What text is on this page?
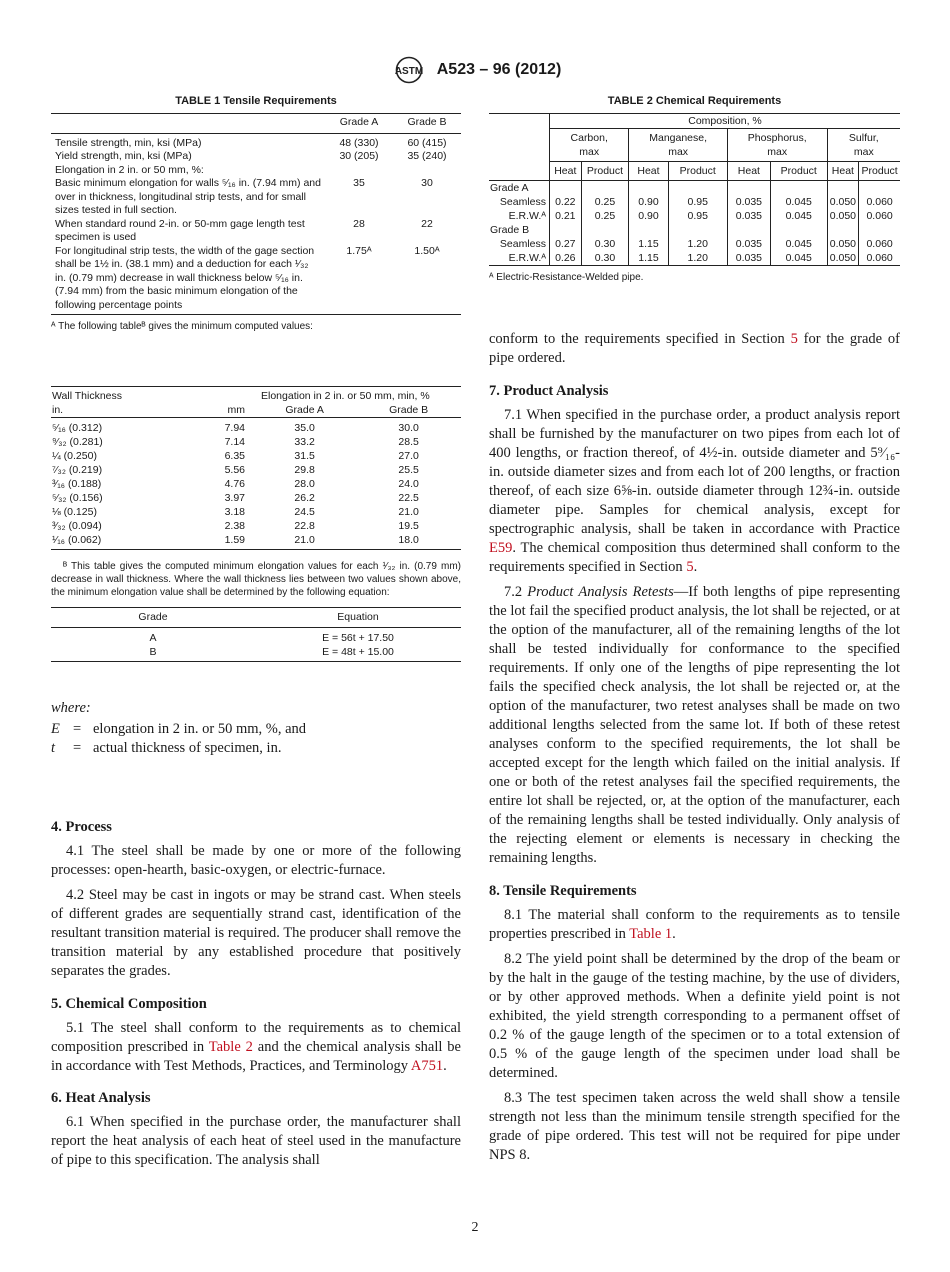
ASTM A523 – 96 (2012)
TABLE 1 Tensile Requirements
	Grade A	Grade B
Tensile strength, min, ksi (MPa)	48 (330)	60 (415)
Yield strength, min, ksi (MPa)	30 (205)	35 (240)
Elongation in 2 in. or 50 mm, %:		
Basic minimum elongation for walls ⁵⁄₁₆ in. (7.94 mm) and over in thickness, longitudinal strip tests, and for small sizes tested in full section.	35	30
When standard round 2-in. or 50-mm gage length test specimen is used	28	22
For longitudinal strip tests, the width of the gage section shall be 1½ in. (38.1 mm) and a deduction for each ¹⁄₃₂ in. (0.79 mm) decrease in wall thickness below ⁵⁄₁₆ in. (7.94 mm) from the basic minimum elongation of the following percentage points	1.75ᴬ	1.50ᴬ
ᴬ The following tableᴮ gives the minimum computed values:
Wall Thickness		Elongation in 2 in. or 50 mm, min, %	
in.	mm	Grade A	Grade B
⁵⁄₁₆ (0.312)	7.94	35.0	30.0
⁹⁄₃₂ (0.281)	7.14	33.2	28.5
¼ (0.250)	6.35	31.5	27.0
⁷⁄₃₂ (0.219)	5.56	29.8	25.5
³⁄₁₆ (0.188)	4.76	28.0	24.0
⁵⁄₃₂ (0.156)	3.97	26.2	22.5
⅛ (0.125)	3.18	24.5	21.0
³⁄₃₂ (0.094)	2.38	22.8	19.5
¹⁄₁₆ (0.062)	1.59	21.0	18.0
ᴮ This table gives the computed minimum elongation values for each ¹⁄₃₂ in. (0.79 mm) decrease in wall thickness. Where the wall thickness lies between two values shown above, the minimum elongation value shall be determined by the following equation:
Grade	Equation
A	E = 56t + 17.50
B	E = 48t + 15.00
where:
E = elongation in 2 in. or 50 mm, %, and
t = actual thickness of specimen, in.
4. Process

4.1 The steel shall be made by one or more of the following processes: open-hearth, basic-oxygen, or electric-furnace.

4.2 Steel may be cast in ingots or may be strand cast. When steels of different grades are sequentially strand cast, identification of the resultant transition material is required. The producer shall remove the transition material by any established procedure that positively separates the grades.

5. Chemical Composition

5.1 The steel shall conform to the requirements as to chemical composition prescribed in Table 2 and the chemical analysis shall be in accordance with Test Methods, Practices, and Terminology A751.

6. Heat Analysis

6.1 When specified in the purchase order, the manufacturer shall report the heat analysis of each heat of steel used in the manufacture of pipe to this specification. The analysis shall

TABLE 2 Chemical Requirements
	Composition, %							
	Carbon, max		Manganese, max		Phosphorus, max		Sulfur, max	
	Heat	Product	Heat	Product	Heat	Product	Heat	Product
Grade A								
Seamless	0.22	0.25	0.90	0.95	0.035	0.045	0.050	0.060
E.R.W.ᴬ	0.21	0.25	0.90	0.95	0.035	0.045	0.050	0.060
Grade B								
Seamless	0.27	0.30	1.15	1.20	0.035	0.045	0.050	0.060
E.R.W.ᴬ	0.26	0.30	1.15	1.20	0.035	0.045	0.050	0.060
ᴬ Electric-Resistance-Welded pipe.

conform to the requirements specified in Section 5 for the grade of pipe ordered.

7. Product Analysis

7.1 When specified in the purchase order, a product analysis report shall be furnished by the manufacturer on two pipes from each lot of 400 lengths, or fraction thereof, of 4½-in. outside diameter and 5⁹⁄₁₆-in. outside diameter sizes and from each lot of 200 lengths, or fraction thereof, of each size 6⅝-in. outside diameter through 12¾-in. outside diameter pipe. Samples for chemical analysis, except for spectrographic analysis, shall be taken in accordance with Practice E59. The chemical composition thus determined shall conform to the requirements specified in Section 5.

7.2 Product Analysis Retests—If both lengths of pipe representing the lot fail the specified product analysis, the lot shall be rejected, or at the option of the manufacturer, all of the remaining lengths of the lot shall be tested individually for conformance to the specified requirements. If only one of the lengths of pipe representing the lot fails the specified check analysis, the lot shall be rejected or, at the option of the manufacturer, two retest analyses shall be made on two additional lengths selected from the same lot. If both of these retest analyses conform to the specified requirements, the lot shall be accepted except for the length which failed on the initial analysis. If one or both of the retest analyses fail the specified requirements, the entire lot shall be rejected, or, at the option of the manufacturer, each of the remaining lengths shall be tested individually. Only analysis of the rejecting element or elements is necessary in checking the remaining lengths.

8. Tensile Requirements

8.1 The material shall conform to the requirements as to tensile properties prescribed in Table 1.

8.2 The yield point shall be determined by the drop of the beam or by the halt in the gauge of the testing machine, by the use of dividers, or by other approved methods. When a definite yield point is not exhibited, the yield strength corresponding to a permanent offset of 0.2 % of the gauge length of the specimen or to a total extension of 0.5 % of the gauge length of the specimen under load shall be determined.

8.3 The test specimen taken across the weld shall show a tensile strength not less than the minimum tensile strength specified for the grade of pipe ordered. This test will not be required for pipe under NPS 8.

2
